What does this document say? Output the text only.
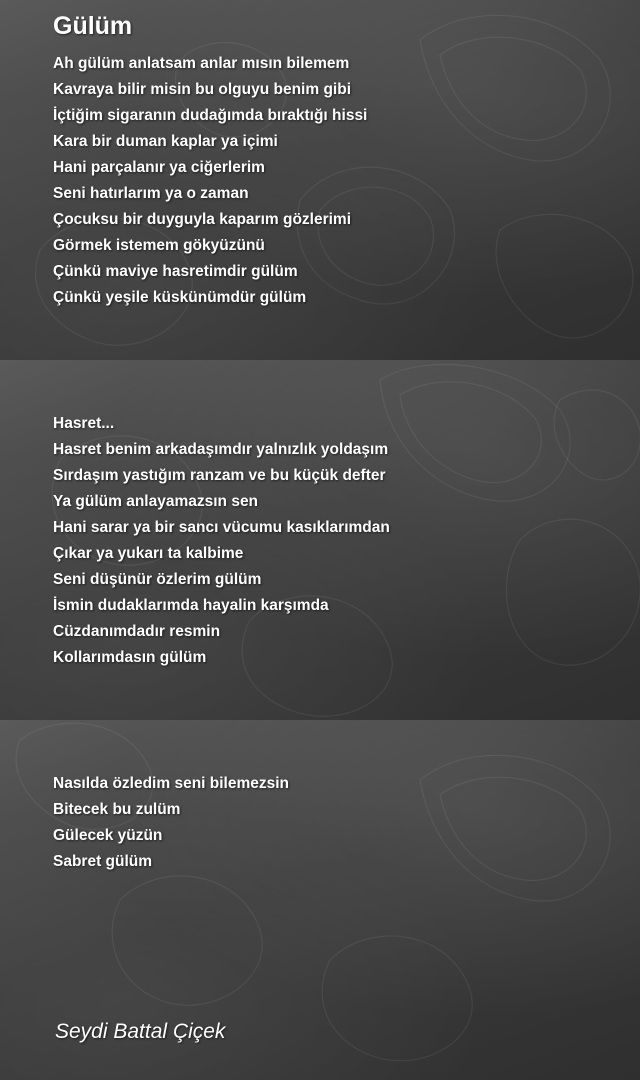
Gülüm
Ah gülüm anlatsam anlar mısın bilemem
Kavraya bilir misin bu olguyu benim gibi
İçtiğim sigaranın dudağımda bıraktığı hissi
Kara bir duman kaplar ya içimi
Hani parçalanır ya ciğerlerim
Seni hatırlarım ya o zaman
Çocuksu bir duyguyla kaparım gözlerimi
Görmek istemem gökyüzünü
Çünkü maviye hasretimdir gülüm
Çünkü yeşile küskünümdür gülüm
Hasret...
Hasret benim arkadaşımdır yalnızlık yoldaşım
Sırdaşım yastığım ranzam ve bu küçük defter
Ya gülüm anlayamazsın sen
Hani sarar ya bir sancı vücumu kasıklarımdan
Çıkar ya yukarı ta kalbime
Seni düşünür özlerim gülüm
İsmin dudaklarımda hayalin karşımda
Cüzdanımdadır resmin
Kollarımdasın gülüm
Nasılda özledim seni bilemezsin
Bitecek bu zulüm
Gülecek yüzün
Sabret gülüm
Seydi Battal Çiçek
